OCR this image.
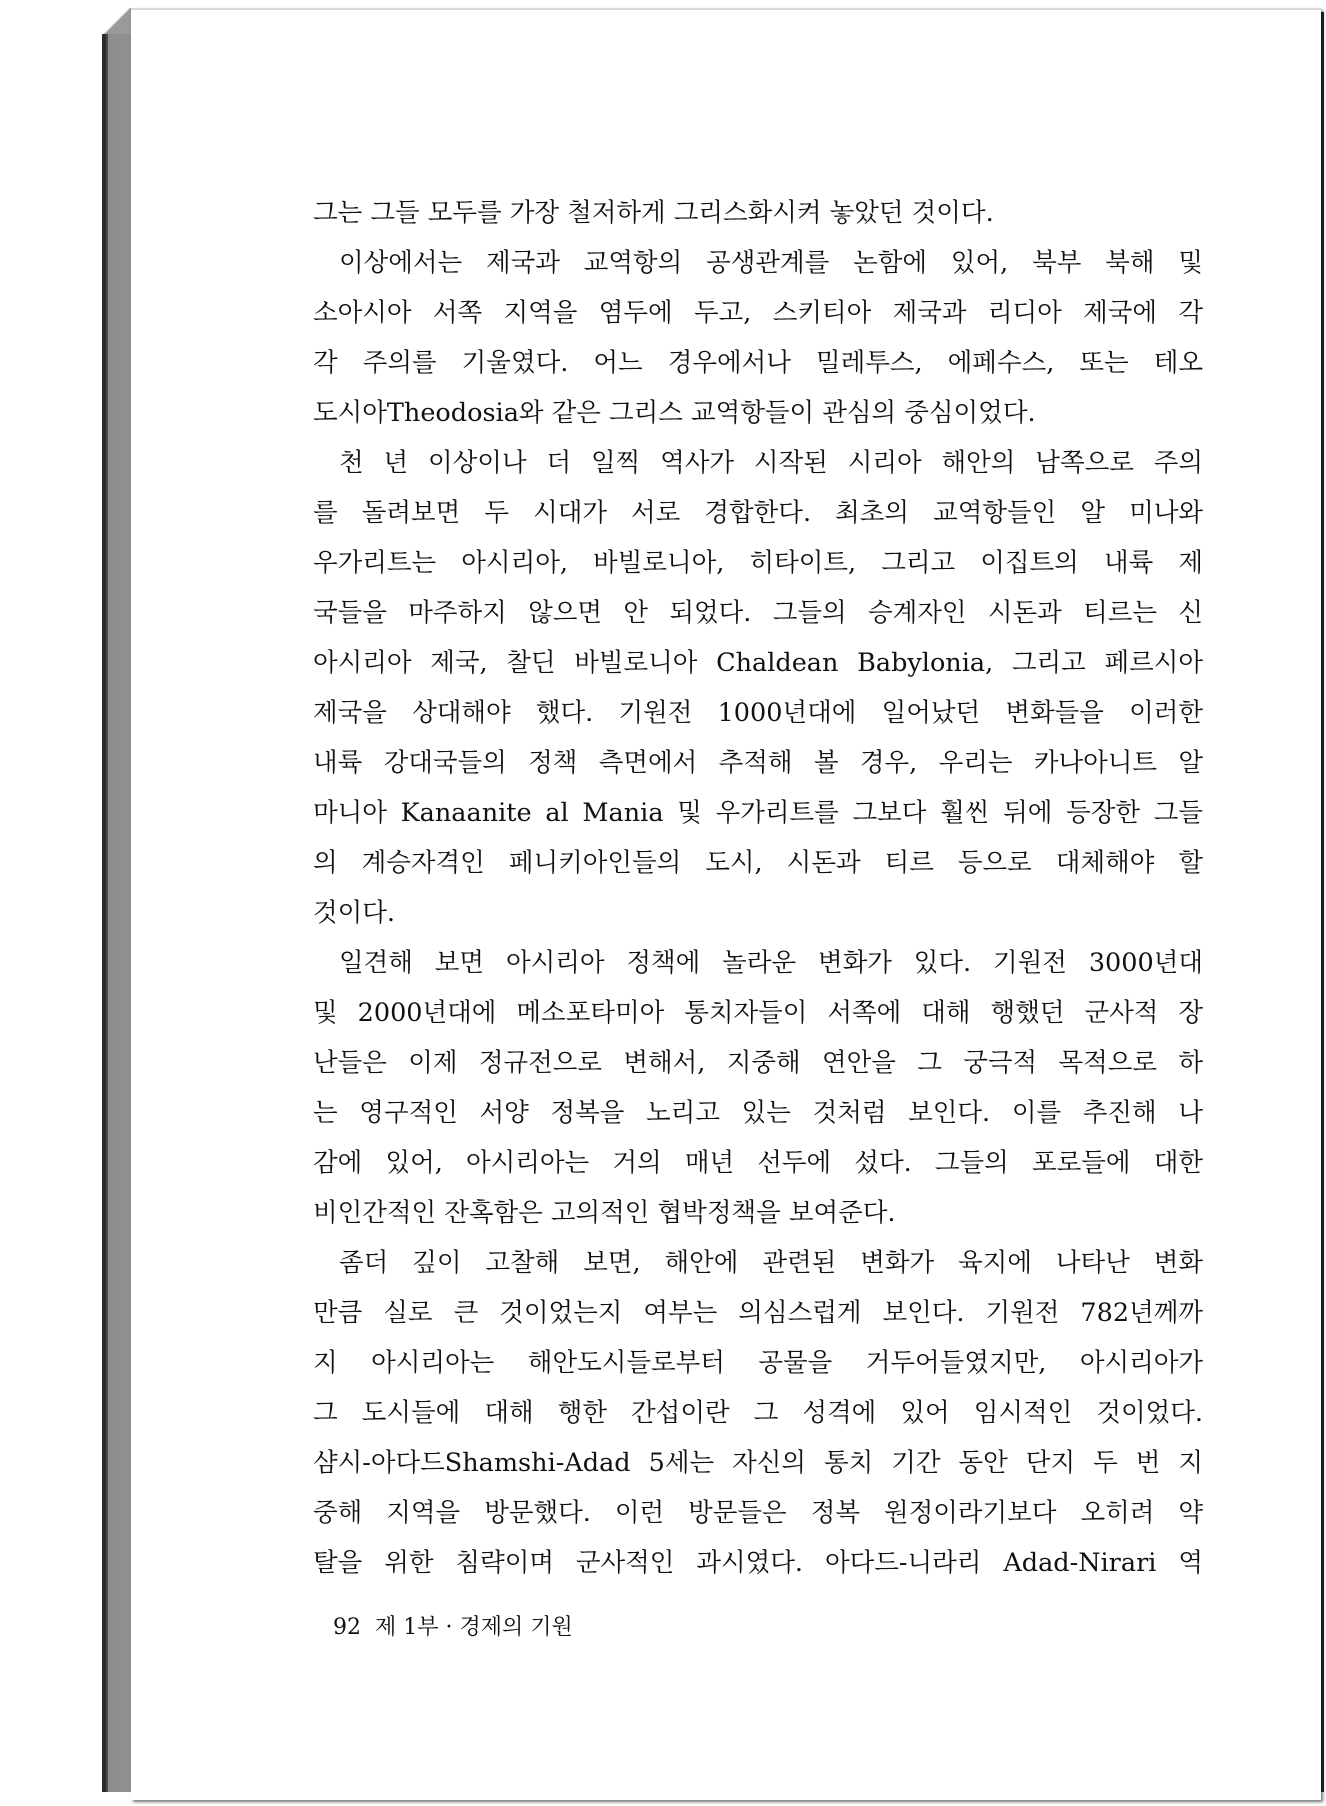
그는 그들 모두를 가장 철저하게 그리스화시켜 놓았던 것이다.
이상에서는 제국과 교역항의 공생관계를 논함에 있어, 북부 북해 및
소아시아 서쪽 지역을 염두에 두고, 스키티아 제국과 리디아 제국에 각
각 주의를 기울였다. 어느 경우에서나 밀레투스, 에페수스, 또는 테오
도시아Theodosia와 같은 그리스 교역항들이 관심의 중심이었다.
천 년 이상이나 더 일찍 역사가 시작된 시리아 해안의 남쪽으로 주의
를 돌려보면 두 시대가 서로 경합한다. 최초의 교역항들인 알 미나와
우가리트는 아시리아, 바빌로니아, 히타이트, 그리고 이집트의 내륙 제
국들을 마주하지 않으면 안 되었다. 그들의 승계자인 시돈과 티르는 신
아시리아 제국, 찰딘 바빌로니아 Chaldean Babylonia, 그리고 페르시아
제국을 상대해야 했다. 기원전 1000년대에 일어났던 변화들을 이러한
내륙 강대국들의 정책 측면에서 추적해 볼 경우, 우리는 카나아니트 알
마니아 Kanaanite al Mania 및 우가리트를 그보다 훨씬 뒤에 등장한 그들
의 계승자격인 페니키아인들의 도시, 시돈과 티르 등으로 대체해야 할
것이다.
일견해 보면 아시리아 정책에 놀라운 변화가 있다. 기원전 3000년대
및 2000년대에 메소포타미아 통치자들이 서쪽에 대해 행했던 군사적 장
난들은 이제 정규전으로 변해서, 지중해 연안을 그 궁극적 목적으로 하
는 영구적인 서양 정복을 노리고 있는 것처럼 보인다. 이를 추진해 나
감에 있어, 아시리아는 거의 매년 선두에 섰다. 그들의 포로들에 대한
비인간적인 잔혹함은 고의적인 협박정책을 보여준다.
좀더 깊이 고찰해 보면, 해안에 관련된 변화가 육지에 나타난 변화
만큼 실로 큰 것이었는지 여부는 의심스럽게 보인다. 기원전 782년께까
지 아시리아는 해안도시들로부터 공물을 거두어들였지만, 아시리아가
그 도시들에 대해 행한 간섭이란 그 성격에 있어 임시적인 것이었다.
샴시-아다드Shamshi-Adad 5세는 자신의 통치 기간 동안 단지 두 번 지
중해 지역을 방문했다. 이런 방문들은 정복 원정이라기보다 오히려 약
탈을 위한 침략이며 군사적인 과시였다. 아다드-니라리 Adad-Nirari 역
92 제 1부 · 경제의 기원
